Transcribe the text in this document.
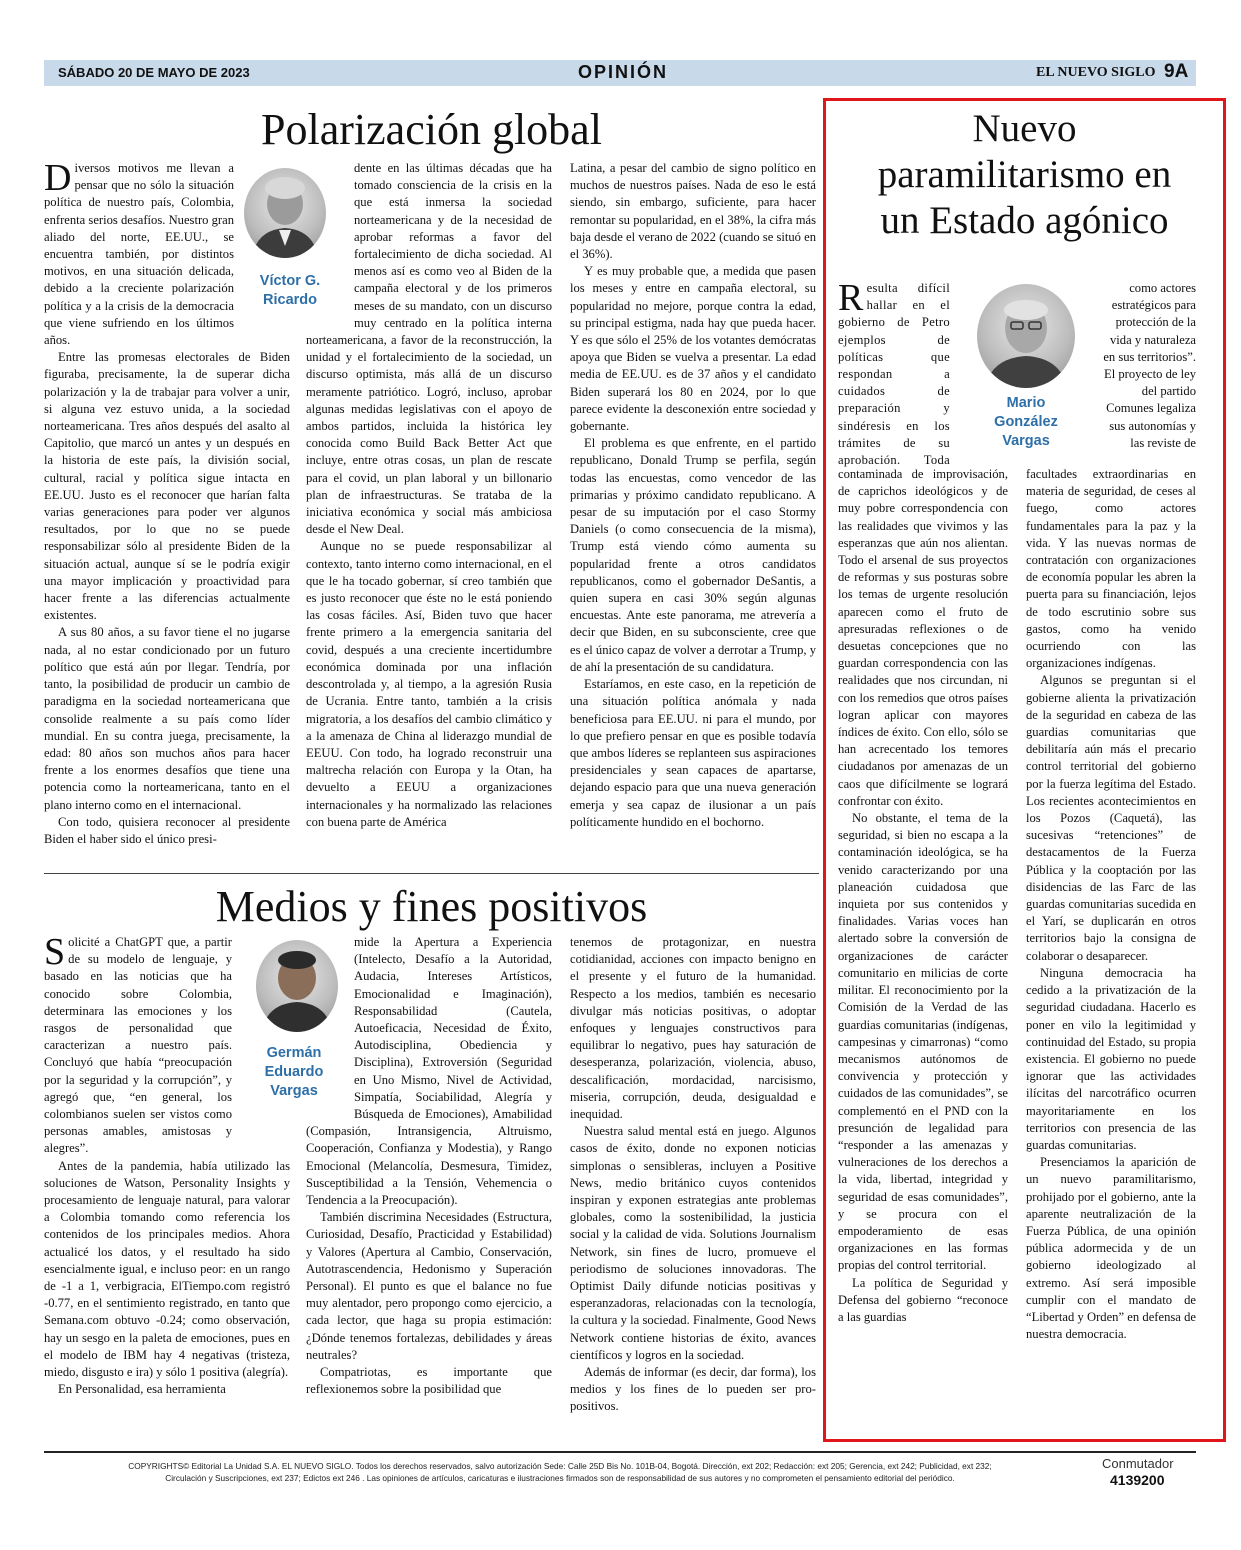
SÁBADO 20 DE MAYO DE 2023	OPINIÓN	EL NUEVO SIGLO 9A
Polarización global
Víctor G.
Ricardo

Diversos motivos me llevan a pensar que no sólo la situación política de nuestro país, Colombia, enfrenta serios desafíos. Nuestro gran aliado del norte, EE.UU., se encuentra también, por distintos motivos, en una situación delicada, debido a la creciente polarización política y a la crisis de la democracia que viene sufriendo en los últimos años.

Entre las promesas electorales de Biden figuraba, precisamente, la de superar dicha polarización y la de trabajar para volver a unir, si alguna vez estuvo unida, a la sociedad norteamericana. Tres años después del asalto al Capitolio, que marcó un antes y un después en la historia de este país, la división social, cultural, racial y política sigue intacta en EE.UU. Justo es el reconocer que harían falta varias generaciones para poder ver algunos resultados, por lo que no se puede responsabilizar sólo al presidente Biden de la situación actual, aunque sí se le podría exigir una mayor implicación y proactividad para hacer frente a las diferencias actualmente existentes.

A sus 80 años, a su favor tiene el no jugarse nada, al no estar condicionado por un futuro político que está aún por llegar. Tendría, por tanto, la posibilidad de producir un cambio de paradigma en la sociedad norteamericana que consolide realmente a su país como líder mundial. En su contra juega, precisamente, la edad: 80 años son muchos años para hacer frente a los enormes desafíos que tiene una potencia como la norteamericana, tanto en el plano interno como en el internacional.

Con todo, quisiera reconocer al presidente Biden el haber sido el único presi-

dente en las últimas décadas que ha tomado consciencia de la crisis en la que está inmersa la sociedad norteamericana y de la necesidad de aprobar reformas a favor del fortalecimiento de dicha sociedad. Al menos así es como veo al Biden de la campaña electoral y de los primeros meses de su mandato, con un discurso muy centrado en la política interna norteamericana, a favor de la reconstrucción, la unidad y el fortalecimiento de la sociedad, un discurso optimista, más allá de un discurso meramente patriótico. Logró, incluso, aprobar algunas medidas legislativas con el apoyo de ambos partidos, incluida la histórica ley conocida como Build Back Better Act que incluye, entre otras cosas, un plan de rescate para el covid, un plan laboral y un billonario plan de infraestructuras. Se trataba de la iniciativa económica y social más ambiciosa desde el New Deal.

Aunque no se puede responsabilizar al contexto, tanto interno como internacional, en el que le ha tocado gobernar, sí creo también que es justo reconocer que éste no le está poniendo las cosas fáciles. Así, Biden tuvo que hacer frente primero a la emergencia sanitaria del covid, después a una creciente incertidumbre económica dominada por una inflación descontrolada y, al tiempo, a la agresión Rusia de Ucrania. Entre tanto, también a la crisis migratoria, a los desafíos del cambio climático y a la amenaza de China al liderazgo mundial de EEUU. Con todo, ha logrado reconstruir una maltrecha relación con Europa y la Otan, ha devuelto a EEUU a organizaciones internacionales y ha normalizado las relaciones con buena parte de América

Latina, a pesar del cambio de signo político en muchos de nuestros países. Nada de eso le está siendo, sin embargo, suficiente, para hacer remontar su popularidad, en el 38%, la cifra más baja desde el verano de 2022 (cuando se situó en el 36%).

Y es muy probable que, a medida que pasen los meses y entre en campaña electoral, su popularidad no mejore, porque contra la edad, su principal estigma, nada hay que pueda hacer. Y es que sólo el 25% de los votantes demócratas apoya que Biden se vuelva a presentar. La edad media de EE.UU. es de 37 años y el candidato Biden superará los 80 en 2024, por lo que parece evidente la desconexión entre sociedad y gobernante.

El problema es que enfrente, en el partido republicano, Donald Trump se perfila, según todas las encuestas, como vencedor de las primarias y próximo candidato republicano. A pesar de su imputación por el caso Stormy Daniels (o como consecuencia de la misma), Trump está viendo cómo aumenta su popularidad frente a otros candidatos republicanos, como el gobernador DeSantis, a quien supera en casi 30% según algunas encuestas. Ante este panorama, me atrevería a decir que Biden, en su subconsciente, cree que es el único capaz de volver a derrotar a Trump, y de ahí la presentación de su candidatura.

Estaríamos, en este caso, en la repetición de una situación política anómala y nada beneficiosa para EE.UU. ni para el mundo, por lo que prefiero pensar en que es posible todavía que ambos líderes se replanteen sus aspiraciones presidenciales y sean capaces de apartarse, dejando espacio para que una nueva generación emerja y sea capaz de ilusionar a un país políticamente hundido en el bochorno.

Medios y fines positivos
Germán
Eduardo
Vargas

Solicité a ChatGPT que, a partir de su modelo de lenguaje, y basado en las noticias que ha conocido sobre Colombia, determinara las emociones y los rasgos de personalidad que caracterizan a nuestro país. Concluyó que había “preocupación por la seguridad y la corrupción”, y agregó que, “en general, los colombianos suelen ser vistos como personas amables, amistosas y alegres”.

Antes de la pandemia, había utilizado las soluciones de Watson, Personality Insights y procesamiento de lenguaje natural, para valorar a Colombia tomando como referencia los contenidos de los principales medios. Ahora actualicé los datos, y el resultado ha sido esencialmente igual, e incluso peor: en un rango de -1 a 1, verbigracia, ElTiempo.com registró -0.77, en el sentimiento registrado, en tanto que Semana.com obtuvo -0.24; como observación, hay un sesgo en la paleta de emociones, pues en el modelo de IBM hay 4 negativas (tristeza, miedo, disgusto e ira) y sólo 1 positiva (alegría).

En Personalidad, esa herramienta

mide la Apertura a Experiencia (Intelecto, Desafío a la Autoridad, Audacia, Intereses Artísticos, Emocionalidad e Imaginación), Responsabilidad (Cautela, Autoeficacia, Necesidad de Éxito, Autodisciplina, Obediencia y Disciplina), Extroversión (Seguridad en Uno Mismo, Nivel de Actividad, Simpatía, Sociabilidad, Alegría y Búsqueda de Emociones), Amabilidad (Compasión, Intransigencia, Altruismo, Cooperación, Confianza y Modestia), y Rango Emocional (Melancolía, Desmesura, Timidez, Susceptibilidad a la Tensión, Vehemencia o Tendencia a la Preocupación).

También discrimina Necesidades (Estructura, Curiosidad, Desafío, Practicidad y Estabilidad) y Valores (Apertura al Cambio, Conservación, Autotrascendencia, Hedonismo y Superación Personal). El punto es que el balance no fue muy alentador, pero propongo como ejercicio, a cada lector, que haga su propia estimación: ¿Dónde tenemos fortalezas, debilidades y áreas neutrales?

Compatriotas, es importante que reflexionemos sobre la posibilidad que

tenemos de protagonizar, en nuestra cotidianidad, acciones con impacto benigno en el presente y el futuro de la humanidad. Respecto a los medios, también es necesario divulgar más noticias positivas, o adoptar enfoques y lenguajes constructivos para equilibrar lo negativo, pues hay saturación de desesperanza, polarización, violencia, abuso, descalificación, mordacidad, narcisismo, miseria, corrupción, deuda, desigualdad e inequidad.

Nuestra salud mental está en juego. Algunos casos de éxito, donde no exponen noticias simplonas o sensibleras, incluyen a Positive News, medio británico cuyos contenidos inspiran y exponen estrategias ante problemas globales, como la sostenibilidad, la justicia social y la calidad de vida. Solutions Journalism Network, sin fines de lucro, promueve el periodismo de soluciones innovadoras. The Optimist Daily difunde noticias positivas y esperanzadoras, relacionadas con la tecnología, la cultura y la sociedad. Finalmente, Good News Network contiene historias de éxito, avances científicos y logros en la sociedad.

Además de informar (es decir, dar forma), los medios y los fines de lo pueden ser pro-positivos.

Nuevo
paramilitarismo en
un Estado agónico
Mario
González
Vargas

Resulta difícil hallar en el gobierno de Petro ejemplos de políticas que respondan a cuidados de preparación y sindéresis en los trámites de su aprobación. Toda

contaminada de improvisación, de caprichos ideológicos y de muy pobre correspondencia con las realidades que vivimos y las esperanzas que aún nos alientan. Todo el arsenal de sus proyectos de reformas y sus posturas sobre los temas de urgente resolución aparecen como el fruto de apresuradas reflexiones o de desuetas concepciones que no guardan correspondencia con las realidades que nos circundan, ni con los remedios que otros países logran aplicar con mayores índices de éxito. Con ello, sólo se han acrecentado los temores ciudadanos por amenazas de un caos que difícilmente se logrará confrontar con éxito.

No obstante, el tema de la seguridad, si bien no escapa a la contaminación ideológica, se ha venido caracterizando por una planeación cuidadosa que inquieta por sus contenidos y finalidades. Varias voces han alertado sobre la conversión de organizaciones de carácter comunitario en milicias de corte militar. El reconocimiento por la Comisión de la Verdad de las guardias comunitarias (indígenas, campesinas y cimarronas) “como mecanismos autónomos de convivencia y protección y cuidados de las comunidades”, se complementó en el PND con la presunción de legalidad para “responder a las amenazas y vulneraciones de los derechos a la vida, libertad, integridad y seguridad de esas comunidades”, y se procura con el empoderamiento de esas organizaciones en las formas propias del control territorial.

La política de Seguridad y Defensa del gobierno “reconoce a las guardias

como actores estratégicos para protección de la vida y naturaleza en sus territorios”. El proyecto de ley del partido Comunes legaliza sus autonomías y las reviste de

facultades extraordinarias en materia de seguridad, de ceses al fuego, como actores fundamentales para la paz y la vida. Y las nuevas normas de contratación con organizaciones de economía popular les abren la puerta para su financiación, lejos de todo escrutinio sobre sus gastos, como ha venido ocurriendo con las organizaciones indígenas.

Algunos se preguntan si el gobierne alienta la privatización de la seguridad en cabeza de las guardias comunitarias que debilitaría aún más el precario control territorial del gobierno por la fuerza legítima del Estado. Los recientes acontecimientos en los Pozos (Caquetá), las sucesivas “retenciones” de destacamentos de la Fuerza Pública y la cooptación por las disidencias de las Farc de las guardas comunitarias sucedida en el Yarí, se duplicarán en otros territorios bajo la consigna de colaborar o desaparecer.

Ninguna democracia ha cedido a la privatización de la seguridad ciudadana. Hacerlo es poner en vilo la legitimidad y continuidad del Estado, su propia existencia. El gobierno no puede ignorar que las actividades ilícitas del narcotráfico ocurren mayoritariamente en los territorios con presencia de las guardas comunitarias.

Presenciamos la aparición de un nuevo paramilitarismo, prohijado por el gobierno, ante la aparente neutralización de la Fuerza Pública, de una opinión pública adormecida y de un gobierno ideologizado al extremo. Así será imposible cumplir con el mandato de “Libertad y Orden” en defensa de nuestra democracia.

COPYRIGHTS© Editorial La Unidad S.A. EL NUEVO SIGLO. Todos los derechos reservados, salvo autorización Sede: Calle 25D Bis No. 101B-04, Bogotá. Dirección, ext 202; Redacción: ext 205; Gerencia, ext 242; Publicidad, ext 232;
Circulación y Suscripciones, ext 237; Edictos ext 246 . Las opiniones de artículos, caricaturas e ilustraciones firmados son de responsabilidad de sus autores y no comprometen el pensamiento editorial del periódico.
Conmutador
4139200
